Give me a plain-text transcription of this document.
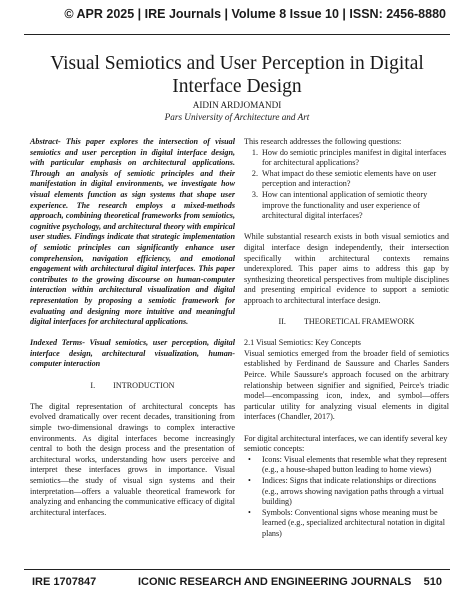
© APR 2025 | IRE Journals | Volume 8 Issue 10 | ISSN: 2456-8880
Visual Semiotics and User Perception in Digital Interface Design
AIDIN ARDJOMANDI
Pars University of Architecture and Art

Abstract- This paper explores the intersection of visual semiotics and user perception in digital interface design, with particular emphasis on architectural applications. Through an analysis of semiotic principles and their manifestation in digital environments, we investigate how visual elements function as sign systems that shape user experience. The research employs a mixed-methods approach, combining theoretical frameworks from semiotics, cognitive psychology, and architectural theory with empirical user studies. Findings indicate that strategic implementation of semiotic principles can significantly enhance user comprehension, navigation efficiency, and emotional engagement with architectural digital interfaces. This paper contributes to the growing discourse on human-computer interaction within architectural visualization and digital representation by proposing a semiotic framework for evaluating and designing more intuitive and meaningful digital interfaces for architectural applications.

Indexed Terms- Visual semiotics, user perception, digital interface design, architectural visualization, human-computer interaction

I. INTRODUCTION

The digital representation of architectural concepts has evolved dramatically over recent decades, transitioning from simple two-dimensional drawings to complex interactive environments. As digital interfaces become increasingly central to both the design process and the presentation of architectural works, understanding how users perceive and interpret these interfaces grows in importance. Visual semiotics—the study of visual sign systems and their interpretation—offers a valuable theoretical framework for analyzing and enhancing the communicative efficacy of digital architectural interfaces.

This research addresses the following questions:

1. How do semiotic principles manifest in digital interfaces for architectural applications?
2. What impact do these semiotic elements have on user perception and interaction?
3. How can intentional application of semiotic theory improve the functionality and user experience of architectural digital interfaces?

While substantial research exists in both visual semiotics and digital interface design independently, their intersection specifically within architectural contexts remains underexplored. This paper aims to address this gap by synthesizing theoretical perspectives from multiple disciplines and presenting empirical evidence to support a semiotic approach to architectural interface design.

II. THEORETICAL FRAMEWORK

2.1 Visual Semiotics: Key Concepts

Visual semiotics emerged from the broader field of semiotics established by Ferdinand de Saussure and Charles Sanders Peirce. While Saussure's approach focused on the arbitrary relationship between signifier and signified, Peirce's triadic model—encompassing icon, index, and symbol—offers particular utility for analyzing visual elements in digital interfaces (Chandler, 2017).

For digital architectural interfaces, we can identify several key semiotic concepts:

• Icons: Visual elements that resemble what they represent (e.g., a house-shaped button leading to home views)
• Indices: Signs that indicate relationships or directions (e.g., arrows showing navigation paths through a virtual building)
• Symbols: Conventional signs whose meaning must be learned (e.g., specialized architectural notation in digital plans)
IRE 1707847	ICONIC RESEARCH AND ENGINEERING JOURNALS 510
